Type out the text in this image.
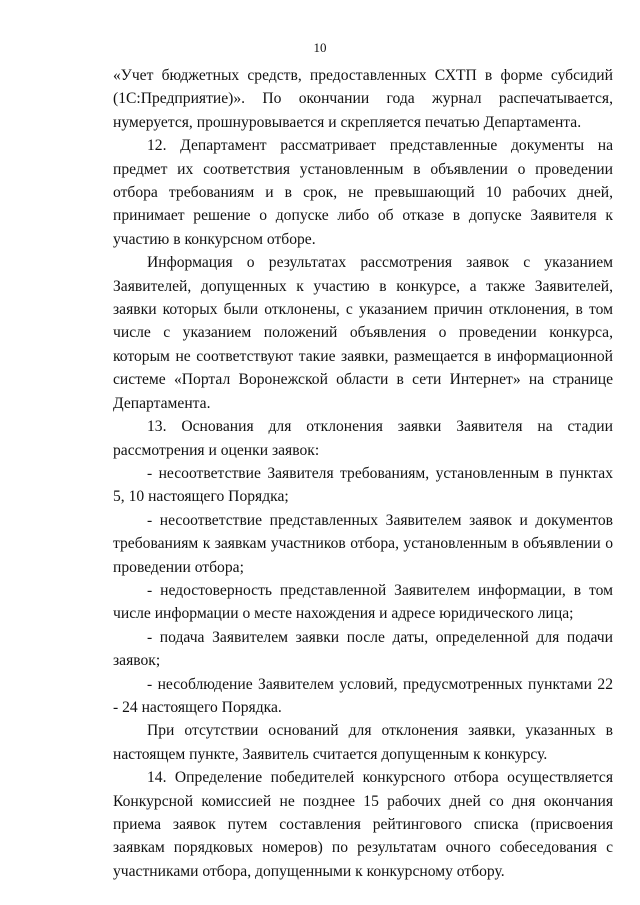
10

«Учет бюджетных средств, предоставленных СХТП в форме субсидий (1С:Предприятие)». По окончании года журнал распечатывается, нумеруется, прошнуровывается и скрепляется печатью Департамента.

12. Департамент рассматривает представленные документы на предмет их соответствия установленным в объявлении о проведении отбора требованиям и в срок, не превышающий 10 рабочих дней, принимает решение о допуске либо об отказе в допуске Заявителя к участию в конкурсном отборе.

Информация о результатах рассмотрения заявок с указанием Заявителей, допущенных к участию в конкурсе, а также Заявителей, заявки которых были отклонены, с указанием причин отклонения, в том числе с указанием положений объявления о проведении конкурса, которым не соответствуют такие заявки, размещается в информационной системе «Портал Воронежской области в сети Интернет» на странице Департамента.

13. Основания для отклонения заявки Заявителя на стадии рассмотрения и оценки заявок:

- несоответствие Заявителя требованиям, установленным в пунктах 5, 10 настоящего Порядка;

- несоответствие представленных Заявителем заявок и документов требованиям к заявкам участников отбора, установленным в объявлении о проведении отбора;

- недостоверность представленной Заявителем информации, в том числе информации о месте нахождения и адресе юридического лица;

- подача Заявителем заявки после даты, определенной для подачи заявок;

- несоблюдение Заявителем условий, предусмотренных пунктами 22 - 24 настоящего Порядка.

При отсутствии оснований для отклонения заявки, указанных в настоящем пункте, Заявитель считается допущенным к конкурсу.

14. Определение победителей конкурсного отбора осуществляется Конкурсной комиссией не позднее 15 рабочих дней со дня окончания приема заявок путем составления рейтингового списка (присвоения заявкам порядковых номеров) по результатам очного собеседования с участниками отбора, допущенными к конкурсному отбору.
